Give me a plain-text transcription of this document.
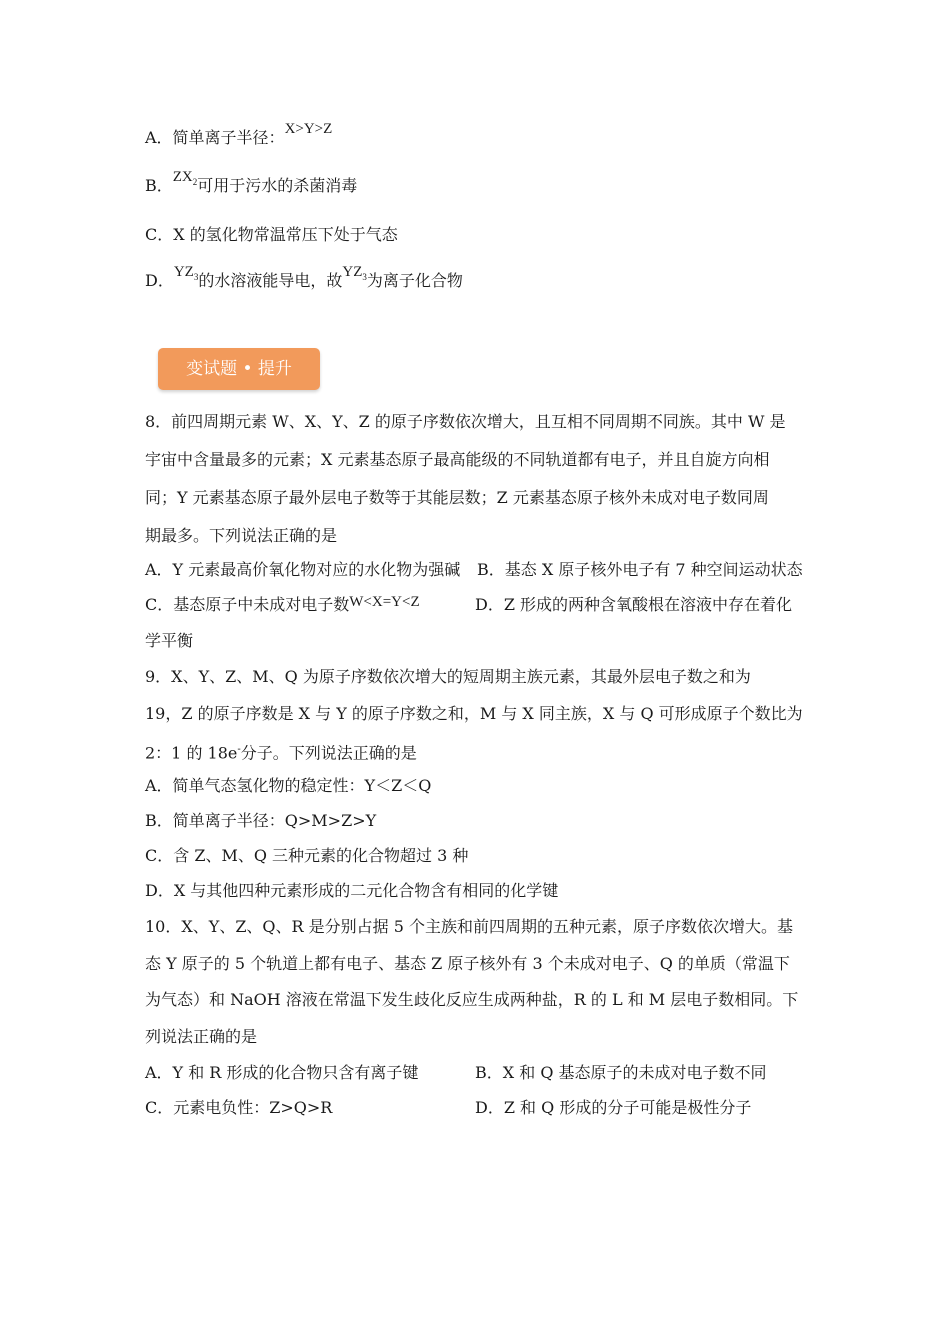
A．简单离子半径：X>Y>Z
B．$ZX_2$可用于污水的杀菌消毒
C．X 的氢化物常温常压下处于气态
D．$YZ_3$的水溶液能导电，故$YZ_3$为离子化合物
变试题 • 提升
8．前四周期元素 W、X、Y、Z 的原子序数依次增大，且互相不同周期不同族。其中 W 是
宇宙中含量最多的元素；X 元素基态原子最高能级的不同轨道都有电子，并且自旋方向相
同；Y 元素基态原子最外层电子数等于其能层数；Z 元素基态原子核外未成对电子数同周
期最多。下列说法正确的是
A．Y 元素最高价氧化物对应的水化物为强碱 B．基态 X 原子核外电子有 7 种空间运动状态
C．基态原子中未成对电子数W<X=Y<Z	D．Z 形成的两种含氧酸根在溶液中存在着化
学平衡
9．X、Y、Z、M、Q 为原子序数依次增大的短周期主族元素，其最外层电子数之和为
19，Z 的原子序数是 X 与 Y 的原子序数之和，M 与 X 同主族，X 与 Q 可形成原子个数比为
2：1 的 18e-分子。下列说法正确的是
A．简单气态氢化物的稳定性：Y＜Z＜Q
B．简单离子半径：Q>M>Z>Y
C．含 Z、M、Q 三种元素的化合物超过 3 种
D．X 与其他四种元素形成的二元化合物含有相同的化学键
10．X、Y、Z、Q、R 是分别占据 5 个主族和前四周期的五种元素，原子序数依次增大。基
态 Y 原子的 5 个轨道上都有电子、基态 Z 原子核外有 3 个未成对电子、Q 的单质（常温下
为气态）和 NaOH 溶液在常温下发生歧化反应生成两种盐，R 的 L 和 M 层电子数相同。下
列说法正确的是
A．Y 和 R 形成的化合物只含有离子键	B．X 和 Q 基态原子的未成对电子数不同
C．元素电负性：Z>Q>R	D．Z 和 Q 形成的分子可能是极性分子
